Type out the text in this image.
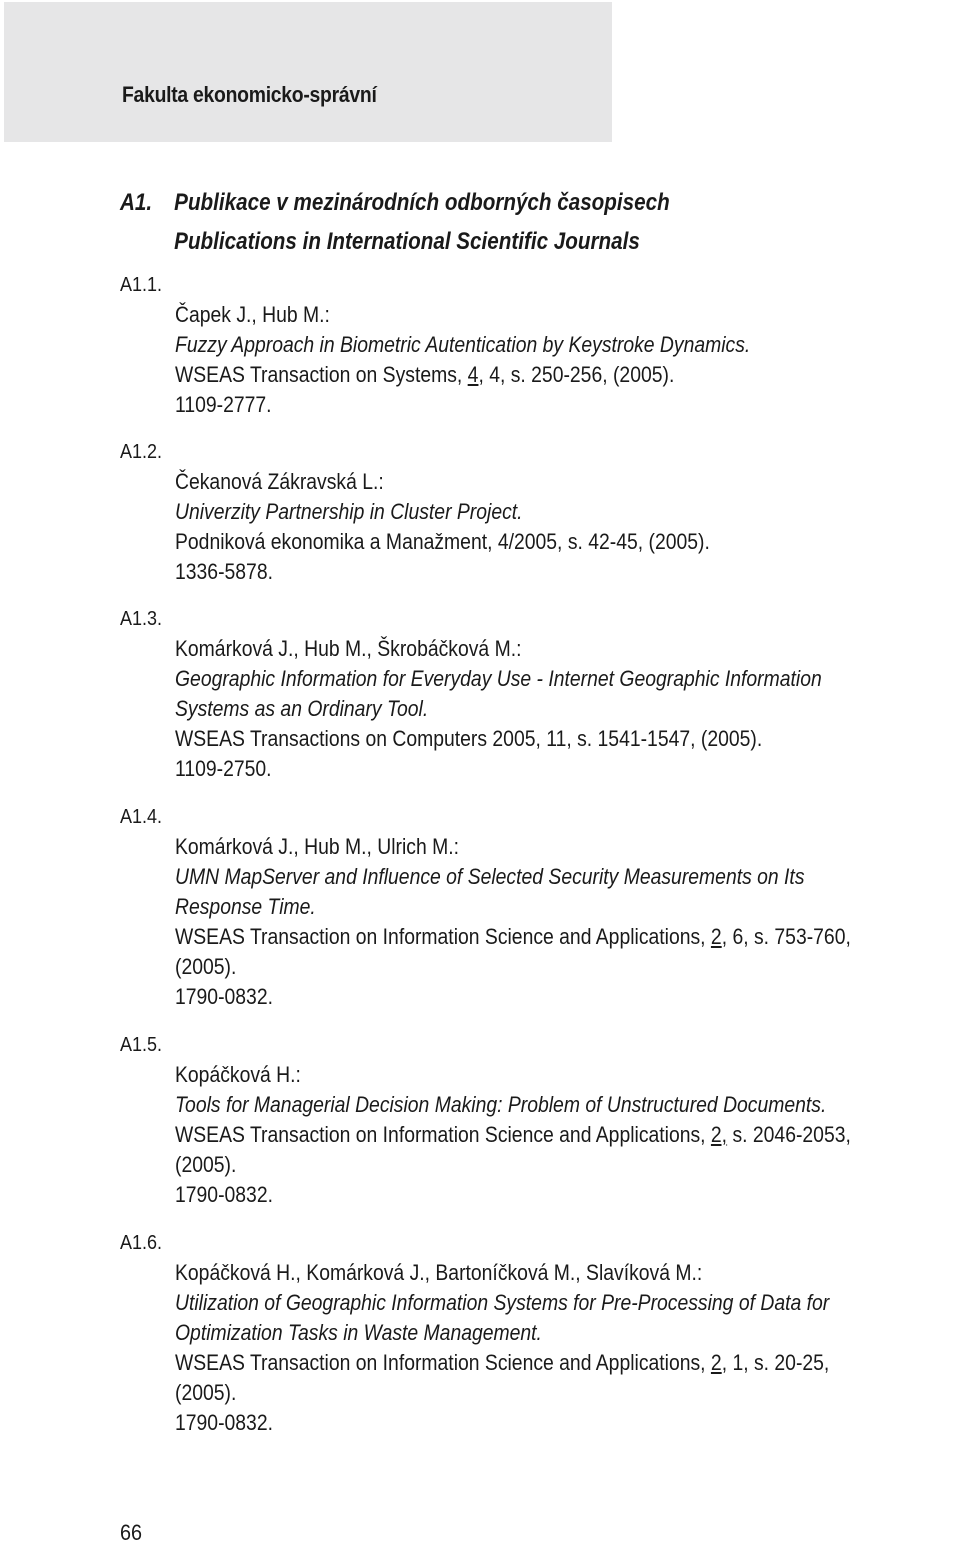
Fakulta ekonomicko-správní
A1. Publikace v mezinárodních odborných časopisech
Publications in International Scientific Journals
A1.1.
Čapek J., Hub M.:
Fuzzy Approach in Biometric Autentication by Keystroke Dynamics.
WSEAS Transaction on Systems, 4, 4, s. 250-256, (2005).
1109-2777.
A1.2.
Čekanová Zákravská L.:
Univerzity Partnership in Cluster Project.
Podniková ekonomika a Manažment, 4/2005, s. 42-45, (2005).
1336-5878.
A1.3.
Komárková J., Hub M., Škrobáčková M.:
Geographic Information for Everyday Use - Internet Geographic Information
Systems as an Ordinary Tool.
WSEAS Transactions on Computers 2005, 11, s. 1541-1547, (2005).
1109-2750.
A1.4.
Komárková J., Hub M., Ulrich M.:
UMN MapServer and Influence of Selected Security Measurements on Its
Response Time.
WSEAS Transaction on Information Science and Applications, 2, 6, s. 753-760,
(2005).
1790-0832.
A1.5.
Kopáčková H.:
Tools for Managerial Decision Making: Problem of Unstructured Documents.
WSEAS Transaction on Information Science and Applications, 2, s. 2046-2053,
(2005).
1790-0832.
A1.6.
Kopáčková H., Komárková J., Bartoníčková M., Slavíková M.:
Utilization of Geographic Information Systems for Pre-Processing of Data for
Optimization Tasks in Waste Management.
WSEAS Transaction on Information Science and Applications, 2, 1, s. 20-25,
(2005).
1790-0832.
66
